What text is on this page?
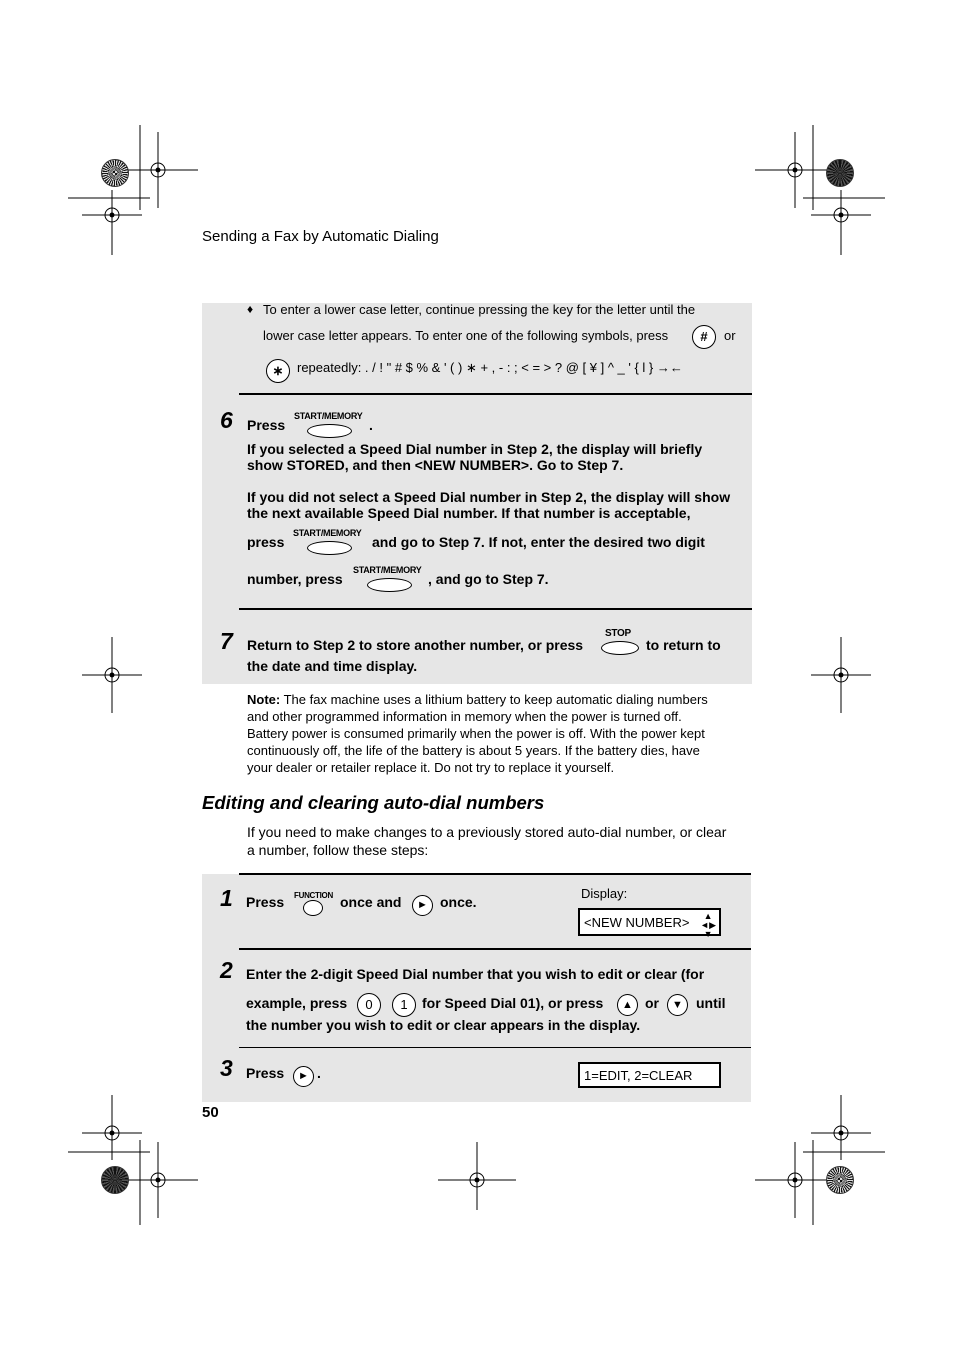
Sending a Fax by Automatic Dialing
♦ To enter a lower case letter, continue pressing the key for the letter until the
lower case letter appears. To enter one of the following symbols, press	#	or
∗	repeatedly: . / ! " # $ % & ' ( ) ∗ + , - : ; < = > ? @ [ ¥ ] ^ _ ' { l } →←
6 Press
START/MEMORY
.
If you selected a Speed Dial number in Step 2, the display will briefly
show STORED, and then <NEW NUMBER>. Go to Step 7.
If you did not select a Speed Dial number in Step 2, the display will show
the next available Speed Dial number. If that number is acceptable,
press
START/MEMORY
and go to Step 7. If not, enter the desired two digit
number, press
START/MEMORY
, and go to Step 7.
7 Return to Step 2 to store another number, or press
STOP
to return to
the date and time display.
Note: The fax machine uses a lithium battery to keep automatic dialing numbers
and other programmed information in memory when the power is turned off.
Battery power is consumed primarily when the power is off. With the power kept
continuously off, the life of the battery is about 5 years. If the battery dies, have
your dealer or retailer replace it. Do not try to replace it yourself.
Editing and clearing auto-dial numbers
If you need to make changes to a previously stored auto-dial number, or clear
a number, follow these steps:
1 Press FUNCTION once and	► once.
Display:
<NEW NUMBER>	▲
◄▶
▼
2 Enter the 2-digit Speed Dial number that you wish to edit or clear (for
example, press	0	1	for Speed Dial 01), or press	▲ or	▼ until
the number you wish to edit or clear appears in the display.
3 Press	► .	1=EDIT, 2=CLEAR
50
